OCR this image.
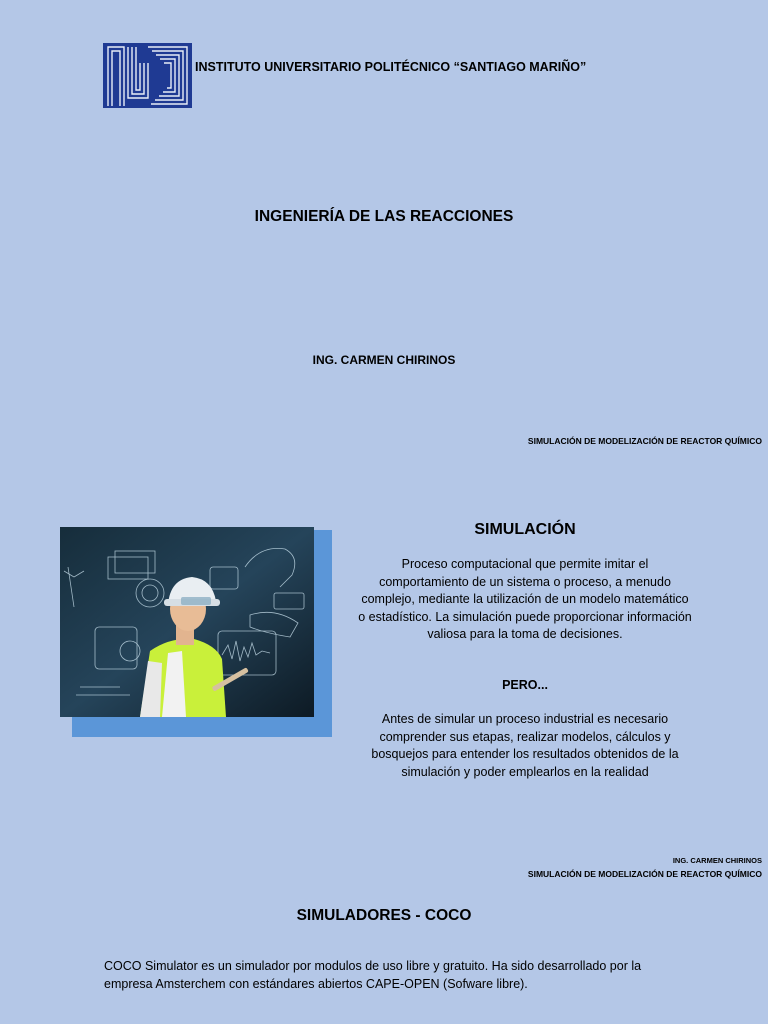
INSTITUTO UNIVERSITARIO POLITÉCNICO “SANTIAGO MARIÑO”
INGENIERÍA DE LAS REACCIONES
ING. CARMEN CHIRINOS
SIMULACIÓN DE MODELIZACIÓN DE REACTOR QUÍMICO
SIMULACIÓN
Proceso computacional que permite imitar el comportamiento de un sistema o proceso, a menudo complejo, mediante la utilización de un modelo matemático o estadístico. La simulación puede proporcionar información valiosa para la toma de decisiones.
PERO...
Antes de simular un proceso industrial es necesario comprender sus etapas, realizar modelos, cálculos y bosquejos para entender los resultados obtenidos de la simulación y poder emplearlos en la realidad
ING. CARMEN CHIRINOS
SIMULACIÓN DE MODELIZACIÓN DE REACTOR QUÍMICO
SIMULADORES - COCO
COCO Simulator es un simulador por modulos de uso libre y gratuito. Ha sido desarrollado por la empresa Amsterchem con estándares abiertos CAPE-OPEN (Sofware libre).
